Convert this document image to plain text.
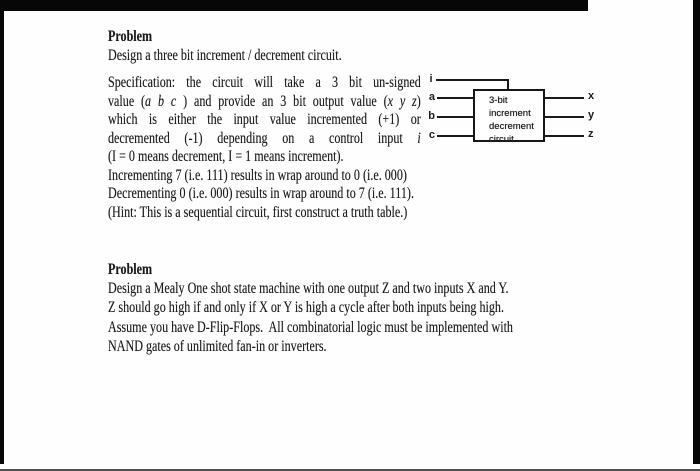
Problem
Design a three bit increment / decrement circuit.
Specification: the circuit will take a 3 bit un-signed
value (a b c ) and provide an 3 bit output value (x y z)
which is either the input value incremented (+1) or
decremented (-1) depending on a control input i
(I = 0 means decrement, I = 1 means increment).
Incrementing 7 (i.e. 111) results in wrap around to 0 (i.e. 000)
Decrementing 0 (i.e. 000) results in wrap around to 7 (i.e. 111).
(Hint: This is a sequential circuit, first construct a truth table.)
i
a
b
c
3-bit
increment
decrement
circuit
x
y
z
Problem
Design a Mealy One shot state machine with one output Z and two inputs X and Y.
Z should go high if and only if X or Y is high a cycle after both inputs being high.
Assume you have D-Flip-Flops.  All combinatorial logic must be implemented with
NAND gates of unlimited fan-in or inverters.
